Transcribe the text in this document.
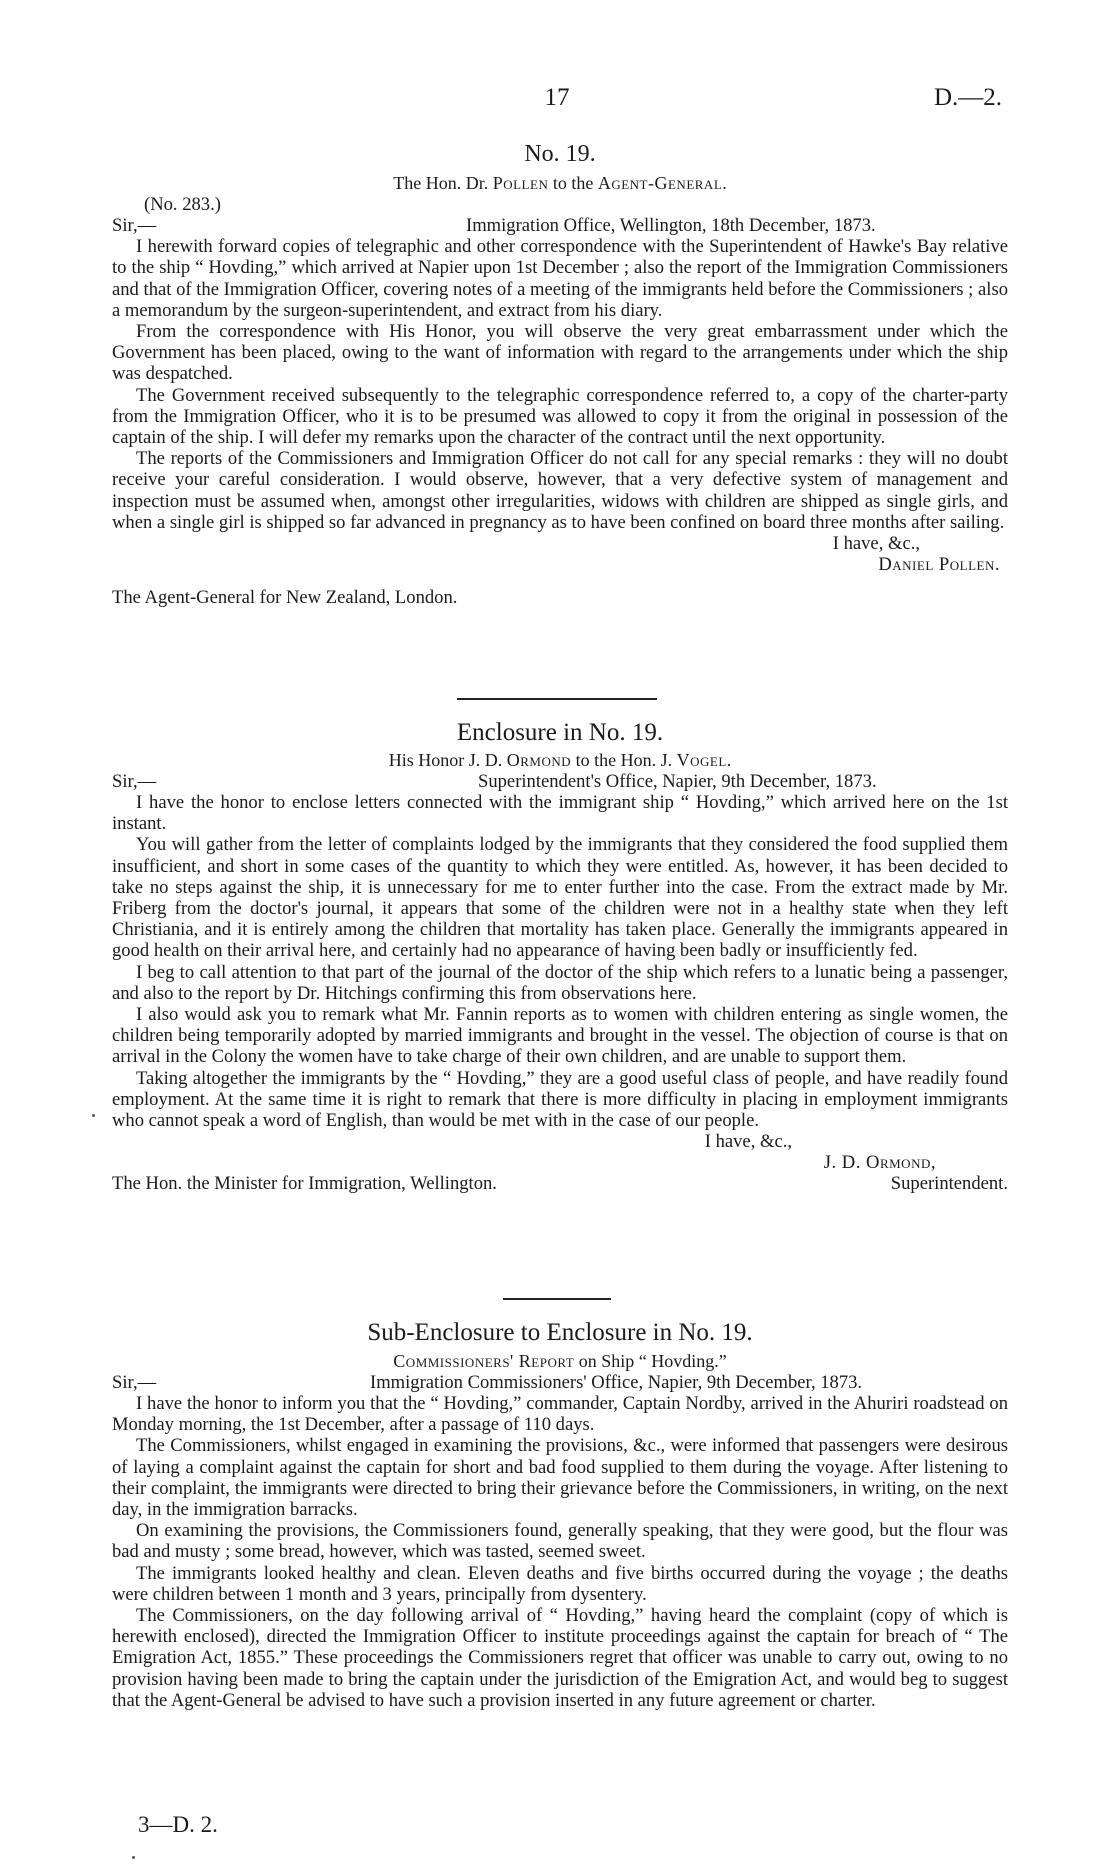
17	D.—2.
No. 19.
The Hon. Dr. Pollen to the Agent-General.
(No. 283.)
Sir,—	Immigration Office, Wellington, 18th December, 1873.

I herewith forward copies of telegraphic and other correspondence with the Superintendent of Hawke's Bay relative to the ship “ Hovding,” which arrived at Napier upon 1st December ; also the report of the Immigration Commissioners and that of the Immigration Officer, covering notes of a meeting of the immigrants held before the Commissioners ; also a memorandum by the surgeon-superintendent, and extract from his diary.

From the correspondence with His Honor, you will observe the very great embarrassment under which the Government has been placed, owing to the want of information with regard to the arrangements under which the ship was despatched.

The Government received subsequently to the telegraphic correspondence referred to, a copy of the charter-party from the Immigration Officer, who it is to be presumed was allowed to copy it from the original in possession of the captain of the ship. I will defer my remarks upon the character of the contract until the next opportunity.

The reports of the Commissioners and Immigration Officer do not call for any special remarks : they will no doubt receive your careful consideration. I would observe, however, that a very defective system of management and inspection must be assumed when, amongst other irregularities, widows with children are shipped as single girls, and when a single girl is shipped so far advanced in pregnancy as to have been confined on board three months after sailing.

I have, &c.,
Daniel Pollen.
The Agent-General for New Zealand, London.
Enclosure in No. 19.
His Honor J. D. Ormond to the Hon. J. Vogel.
Sir,—	Superintendent's Office, Napier, 9th December, 1873.

I have the honor to enclose letters connected with the immigrant ship “ Hovding,” which arrived here on the 1st instant.

You will gather from the letter of complaints lodged by the immigrants that they considered the food supplied them insufficient, and short in some cases of the quantity to which they were entitled. As, however, it has been decided to take no steps against the ship, it is unnecessary for me to enter further into the case. From the extract made by Mr. Friberg from the doctor's journal, it appears that some of the children were not in a healthy state when they left Christiania, and it is entirely among the children that mortality has taken place. Generally the immigrants appeared in good health on their arrival here, and certainly had no appearance of having been badly or insufficiently fed.

I beg to call attention to that part of the journal of the doctor of the ship which refers to a lunatic being a passenger, and also to the report by Dr. Hitchings confirming this from observations here.

I also would ask you to remark what Mr. Fannin reports as to women with children entering as single women, the children being temporarily adopted by married immigrants and brought in the vessel. The objection of course is that on arrival in the Colony the women have to take charge of their own children, and are unable to support them.

Taking altogether the immigrants by the “ Hovding,” they are a good useful class of people, and have readily found employment. At the same time it is right to remark that there is more difficulty in placing in employment immigrants who cannot speak a word of English, than would be met with in the case of our people.

I have, &c.,
J. D. Ormond,
The Hon. the Minister for Immigration, Wellington.	Superintendent.
Sub-Enclosure to Enclosure in No. 19.
Commissioners' Report on Ship “ Hovding.”
Sir,—	Immigration Commissioners' Office, Napier, 9th December, 1873.

I have the honor to inform you that the “ Hovding,” commander, Captain Nordby, arrived in the Ahuriri roadstead on Monday morning, the 1st December, after a passage of 110 days.

The Commissioners, whilst engaged in examining the provisions, &c., were informed that passengers were desirous of laying a complaint against the captain for short and bad food supplied to them during the voyage. After listening to their complaint, the immigrants were directed to bring their grievance before the Commissioners, in writing, on the next day, in the immigration barracks.

On examining the provisions, the Commissioners found, generally speaking, that they were good, but the flour was bad and musty ; some bread, however, which was tasted, seemed sweet.

The immigrants looked healthy and clean. Eleven deaths and five births occurred during the voyage ; the deaths were children between 1 month and 3 years, principally from dysentery.

The Commissioners, on the day following arrival of “ Hovding,” having heard the complaint (copy of which is herewith enclosed), directed the Immigration Officer to institute proceedings against the captain for breach of “ The Emigration Act, 1855.” These proceedings the Commissioners regret that officer was unable to carry out, owing to no provision having been made to bring the captain under the jurisdiction of the Emigration Act, and would beg to suggest that the Agent-General be advised to have such a provision inserted in any future agreement or charter.

3—D. 2.
